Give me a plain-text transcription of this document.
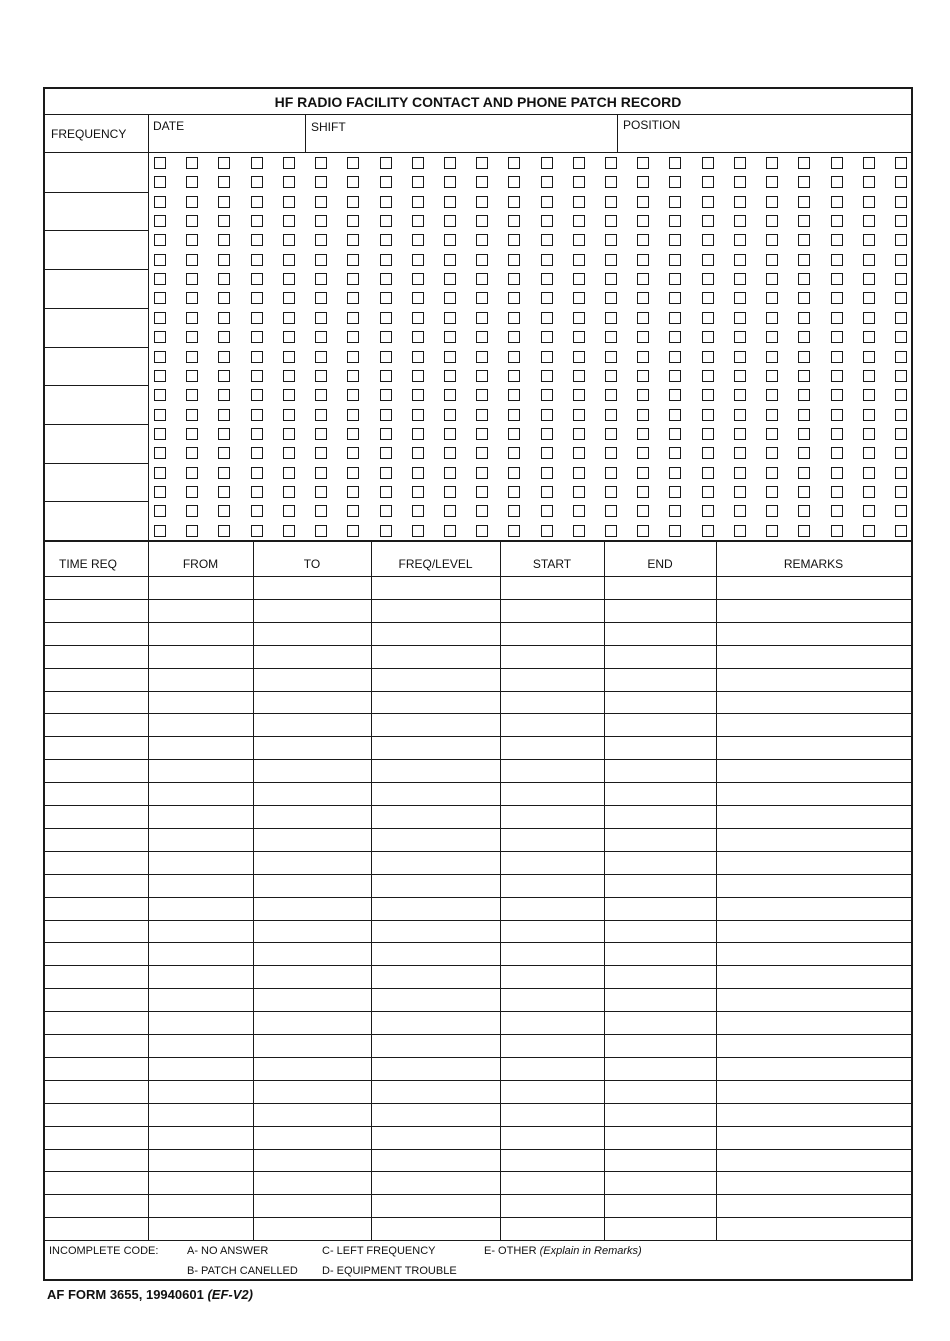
HF RADIO FACILITY CONTACT AND PHONE PATCH RECORD
FREQUENCY
DATE	SHIFT	POSITION
INCOMPLETE CODE:	A- NO ANSWER
B- PATCH CANELLED
C- LEFT FREQUENCY
D- EQUIPMENT TROUBLE
E- OTHER (Explain in Remarks)
TIME REQ	FROM	TO	FREQ/LEVEL	START	END	REMARKS
AF FORM 3655, 19940601 (EF-V2)
